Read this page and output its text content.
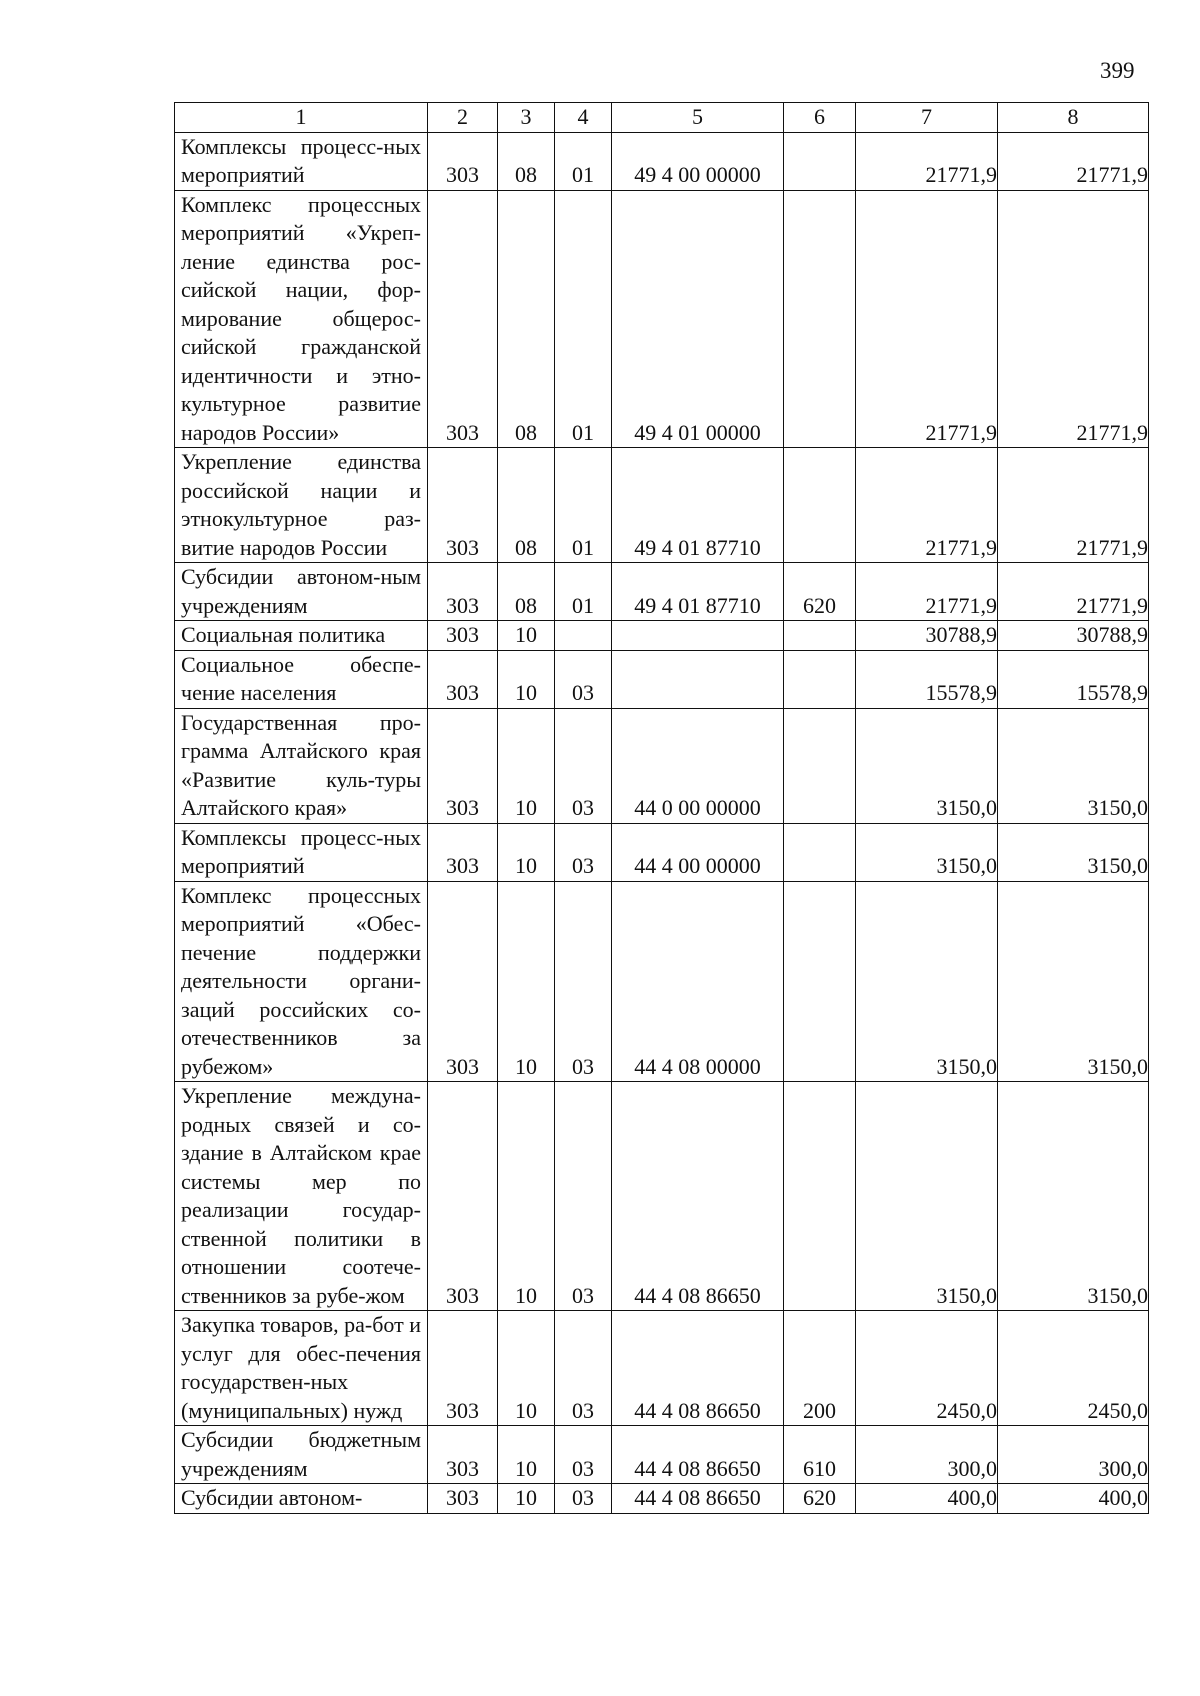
399
1	2	3	4	5	6	7	8
Комплексы процесс-ных мероприятий	303	08	01	49 4 00 00000		21771,9	21771,9
Комплекс процессных мероприятий «Укреп-ление единства рос-сийской нации, фор-мирование общерос-сийской гражданской идентичности и этно-культурное развитие народов России»	303	08	01	49 4 01 00000		21771,9	21771,9
Укрепление единства российской нации и этнокультурное раз-витие народов России	303	08	01	49 4 01 87710		21771,9	21771,9
Субсидии автоном-ным учреждениям	303	08	01	49 4 01 87710	620	21771,9	21771,9
Социальная политика	303	10				30788,9	30788,9
Социальное обеспе-чение населения	303	10	03			15578,9	15578,9
Государственная про-грамма Алтайского края «Развитие куль-туры Алтайского края»	303	10	03	44 0 00 00000		3150,0	3150,0
Комплексы процесс-ных мероприятий	303	10	03	44 4 00 00000		3150,0	3150,0
Комплекс процессных мероприятий «Обес-печение поддержки деятельности органи-заций российских со-отечественников за рубежом»	303	10	03	44 4 08 00000		3150,0	3150,0
Укрепление междуна-родных связей и со-здание в Алтайском крае системы мер по реализации государ-ственной политики в отношении соотече-ственников за рубе-жом	303	10	03	44 4 08 86650		3150,0	3150,0
Закупка товаров, ра-бот и услуг для обес-печения государствен-ных (муниципальных) нужд	303	10	03	44 4 08 86650	200	2450,0	2450,0
Субсидии бюджетным учреждениям	303	10	03	44 4 08 86650	610	300,0	300,0
Субсидии автоном-	303	10	03	44 4 08 86650	620	400,0	400,0
